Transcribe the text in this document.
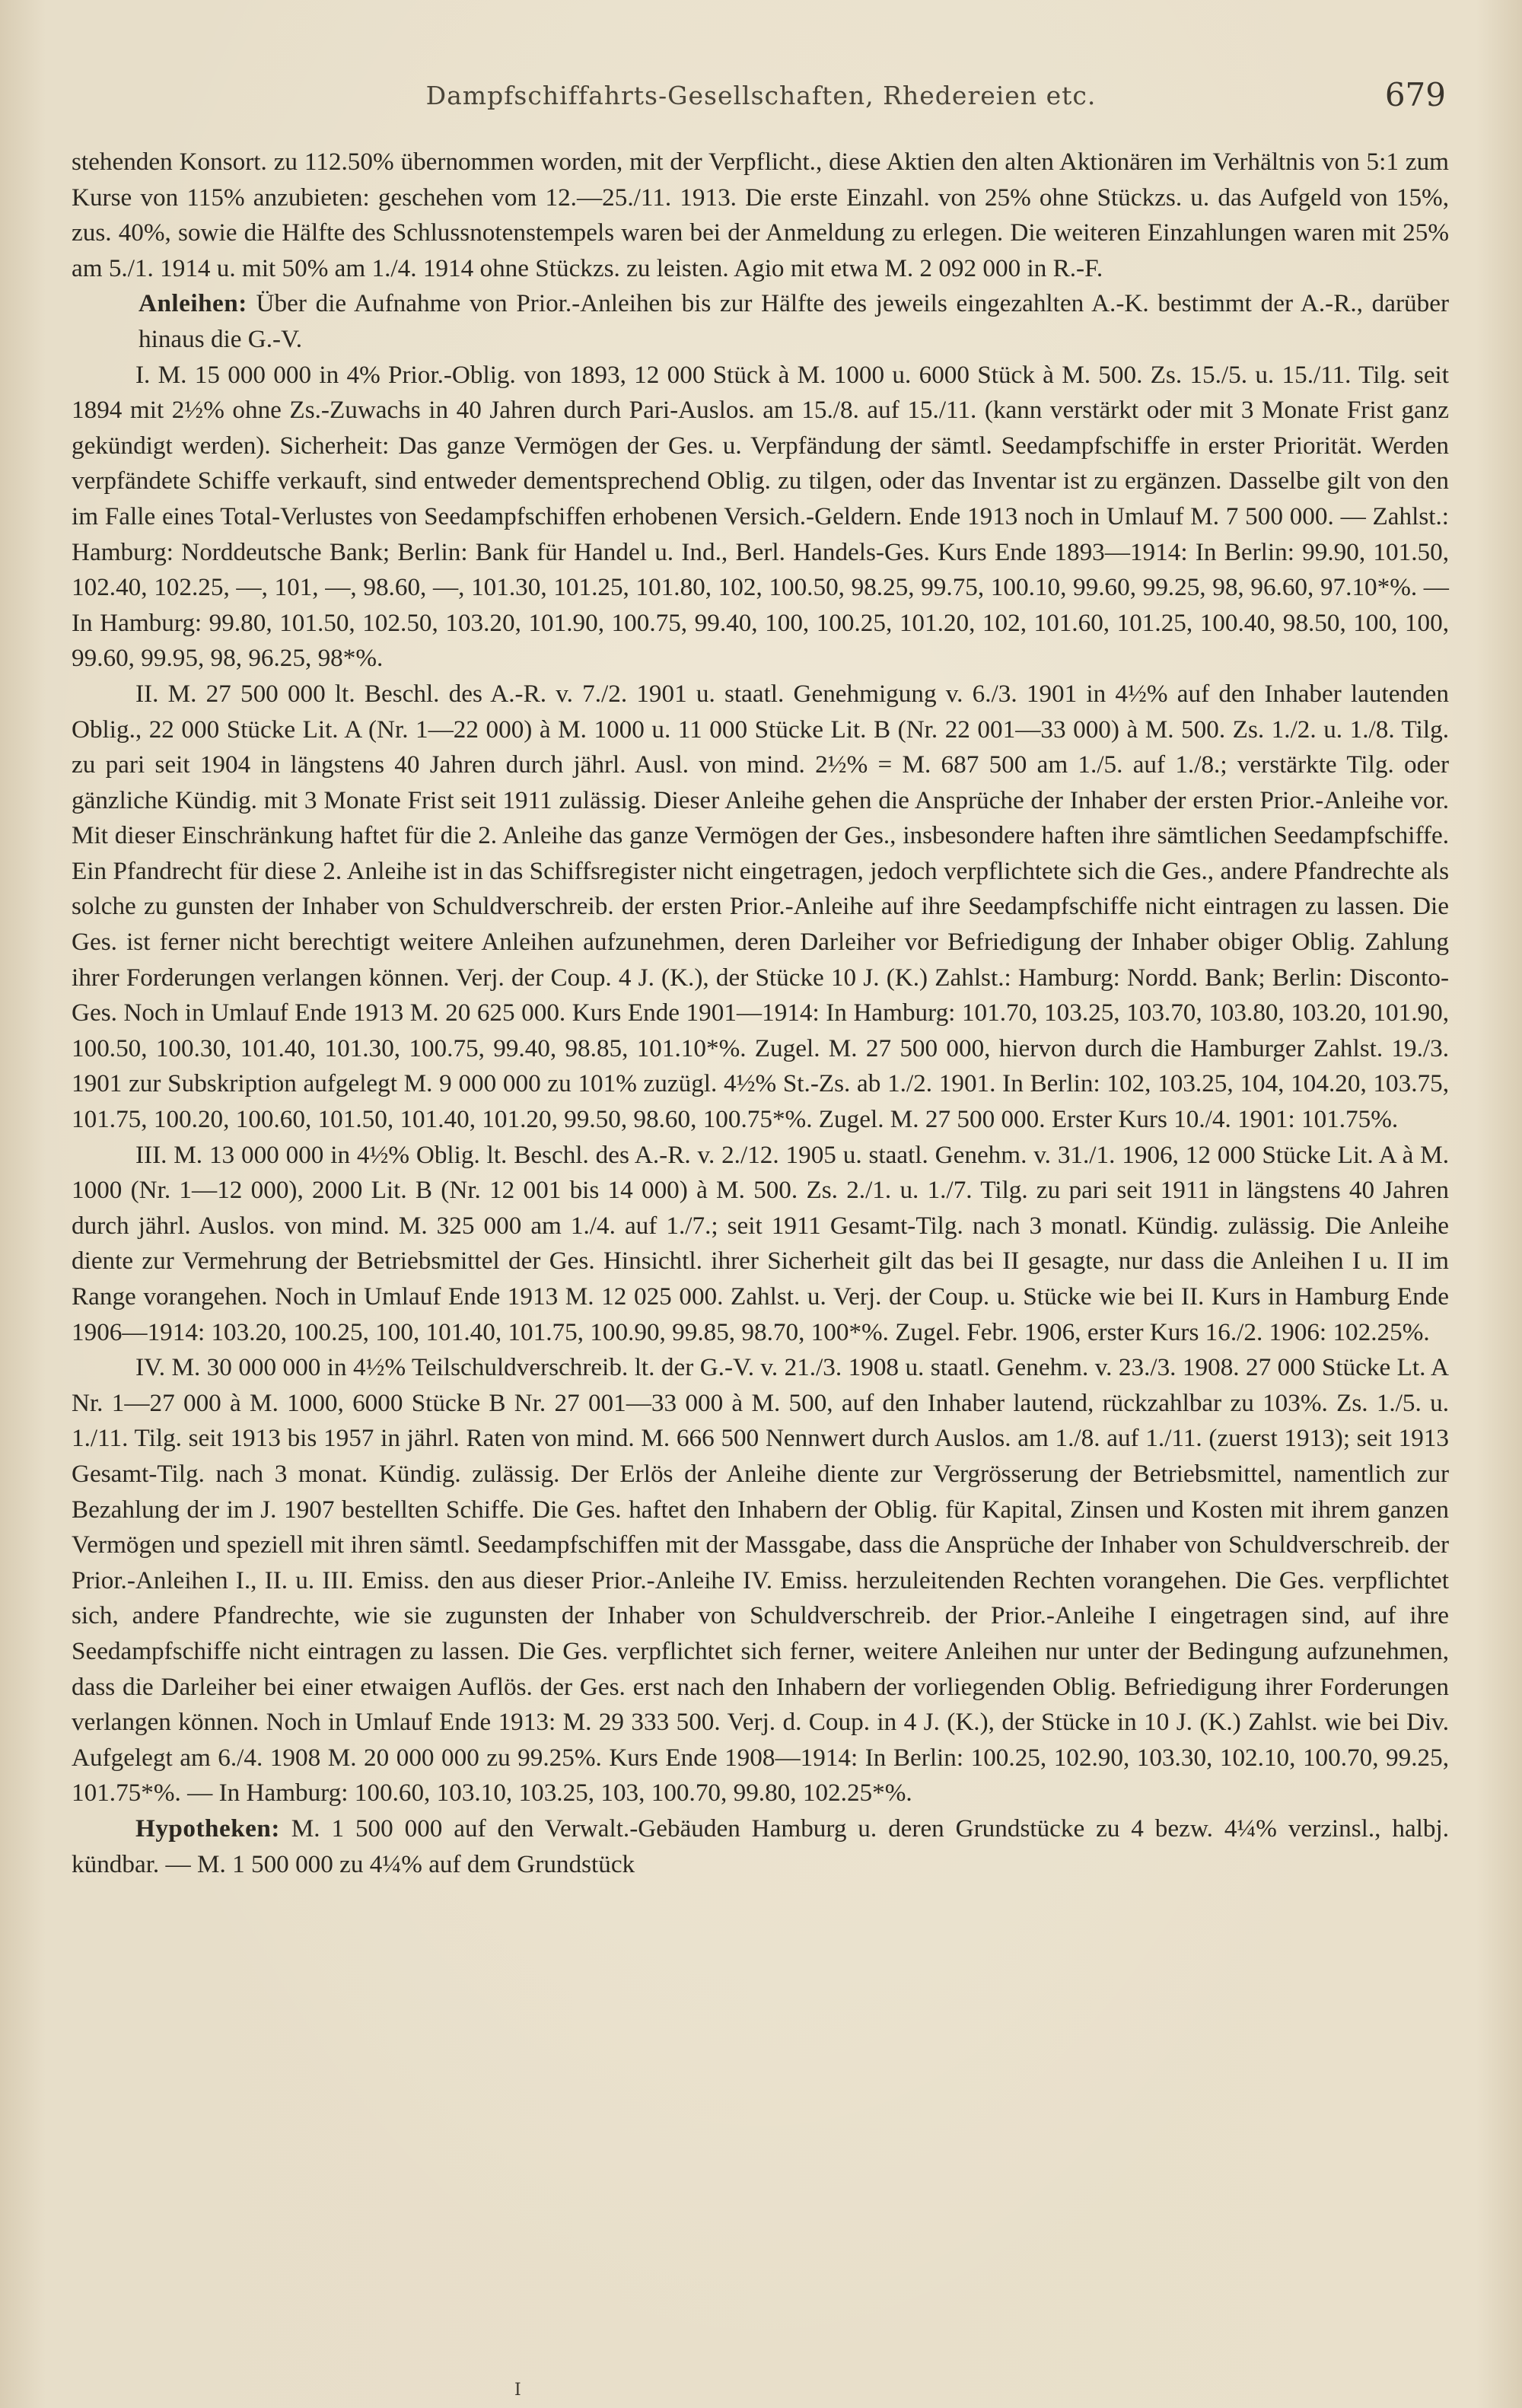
Dampfschiffahrts-Gesellschaften, Rhedereien etc.	679

stehenden Konsort. zu 112.50% übernommen worden, mit der Verpflicht., diese Aktien den alten Aktionären im Verhältnis von 5:1 zum Kurse von 115% anzubieten: geschehen vom 12.—25./11. 1913. Die erste Einzahl. von 25% ohne Stückzs. u. das Aufgeld von 15%, zus. 40%, sowie die Hälfte des Schlussnotenstempels waren bei der Anmeldung zu erlegen. Die weiteren Einzahlungen waren mit 25% am 5./1. 1914 u. mit 50% am 1./4. 1914 ohne Stückzs. zu leisten. Agio mit etwa M. 2 092 000 in R.-F.

Anleihen: Über die Aufnahme von Prior.-Anleihen bis zur Hälfte des jeweils eingezahlten A.-K. bestimmt der A.-R., darüber hinaus die G.-V.

I. M. 15 000 000 in 4% Prior.-Oblig. von 1893, 12 000 Stück à M. 1000 u. 6000 Stück à M. 500. Zs. 15./5. u. 15./11. Tilg. seit 1894 mit 2½% ohne Zs.-Zuwachs in 40 Jahren durch Pari-Auslos. am 15./8. auf 15./11. (kann verstärkt oder mit 3 Monate Frist ganz gekündigt werden). Sicherheit: Das ganze Vermögen der Ges. u. Verpfändung der sämtl. Seedampfschiffe in erster Priorität. Werden verpfändete Schiffe verkauft, sind entweder dementsprechend Oblig. zu tilgen, oder das Inventar ist zu ergänzen. Dasselbe gilt von den im Falle eines Total-Verlustes von Seedampfschiffen erhobenen Versich.-Geldern. Ende 1913 noch in Umlauf M. 7 500 000. — Zahlst.: Hamburg: Norddeutsche Bank; Berlin: Bank für Handel u. Ind., Berl. Handels-Ges. Kurs Ende 1893—1914: In Berlin: 99.90, 101.50, 102.40, 102.25, —, 101, —, 98.60, —, 101.30, 101.25, 101.80, 102, 100.50, 98.25, 99.75, 100.10, 99.60, 99.25, 98, 96.60, 97.10*%. — In Hamburg: 99.80, 101.50, 102.50, 103.20, 101.90, 100.75, 99.40, 100, 100.25, 101.20, 102, 101.60, 101.25, 100.40, 98.50, 100, 100, 99.60, 99.95, 98, 96.25, 98*%.

II. M. 27 500 000 lt. Beschl. des A.-R. v. 7./2. 1901 u. staatl. Genehmigung v. 6./3. 1901 in 4½% auf den Inhaber lautenden Oblig., 22 000 Stücke Lit. A (Nr. 1—22 000) à M. 1000 u. 11 000 Stücke Lit. B (Nr. 22 001—33 000) à M. 500. Zs. 1./2. u. 1./8. Tilg. zu pari seit 1904 in längstens 40 Jahren durch jährl. Ausl. von mind. 2½% = M. 687 500 am 1./5. auf 1./8.; verstärkte Tilg. oder gänzliche Kündig. mit 3 Monate Frist seit 1911 zulässig. Dieser Anleihe gehen die Ansprüche der Inhaber der ersten Prior.-Anleihe vor. Mit dieser Einschränkung haftet für die 2. Anleihe das ganze Vermögen der Ges., insbesondere haften ihre sämtlichen Seedampfschiffe. Ein Pfandrecht für diese 2. Anleihe ist in das Schiffsregister nicht eingetragen, jedoch verpflichtete sich die Ges., andere Pfandrechte als solche zu gunsten der Inhaber von Schuldverschreib. der ersten Prior.-Anleihe auf ihre Seedampfschiffe nicht eintragen zu lassen. Die Ges. ist ferner nicht berechtigt weitere Anleihen aufzunehmen, deren Darleiher vor Befriedigung der Inhaber obiger Oblig. Zahlung ihrer Forderungen verlangen können. Verj. der Coup. 4 J. (K.), der Stücke 10 J. (K.) Zahlst.: Hamburg: Nordd. Bank; Berlin: Disconto-Ges. Noch in Umlauf Ende 1913 M. 20 625 000. Kurs Ende 1901—1914: In Hamburg: 101.70, 103.25, 103.70, 103.80, 103.20, 101.90, 100.50, 100.30, 101.40, 101.30, 100.75, 99.40, 98.85, 101.10*%. Zugel. M. 27 500 000, hiervon durch die Hamburger Zahlst. 19./3. 1901 zur Subskription aufgelegt M. 9 000 000 zu 101% zuzügl. 4½% St.-Zs. ab 1./2. 1901. In Berlin: 102, 103.25, 104, 104.20, 103.75, 101.75, 100.20, 100.60, 101.50, 101.40, 101.20, 99.50, 98.60, 100.75*%. Zugel. M. 27 500 000. Erster Kurs 10./4. 1901: 101.75%.

III. M. 13 000 000 in 4½% Oblig. lt. Beschl. des A.-R. v. 2./12. 1905 u. staatl. Genehm. v. 31./1. 1906, 12 000 Stücke Lit. A à M. 1000 (Nr. 1—12 000), 2000 Lit. B (Nr. 12 001 bis 14 000) à M. 500. Zs. 2./1. u. 1./7. Tilg. zu pari seit 1911 in längstens 40 Jahren durch jährl. Auslos. von mind. M. 325 000 am 1./4. auf 1./7.; seit 1911 Gesamt-Tilg. nach 3 monatl. Kündig. zulässig. Die Anleihe diente zur Vermehrung der Betriebsmittel der Ges. Hinsichtl. ihrer Sicherheit gilt das bei II gesagte, nur dass die Anleihen I u. II im Range vorangehen. Noch in Umlauf Ende 1913 M. 12 025 000. Zahlst. u. Verj. der Coup. u. Stücke wie bei II. Kurs in Hamburg Ende 1906—1914: 103.20, 100.25, 100, 101.40, 101.75, 100.90, 99.85, 98.70, 100*%. Zugel. Febr. 1906, erster Kurs 16./2. 1906: 102.25%.

IV. M. 30 000 000 in 4½% Teilschuldverschreib. lt. der G.-V. v. 21./3. 1908 u. staatl. Genehm. v. 23./3. 1908. 27 000 Stücke Lt. A Nr. 1—27 000 à M. 1000, 6000 Stücke B Nr. 27 001—33 000 à M. 500, auf den Inhaber lautend, rückzahlbar zu 103%. Zs. 1./5. u. 1./11. Tilg. seit 1913 bis 1957 in jährl. Raten von mind. M. 666 500 Nennwert durch Auslos. am 1./8. auf 1./11. (zuerst 1913); seit 1913 Gesamt-Tilg. nach 3 monat. Kündig. zulässig. Der Erlös der Anleihe diente zur Vergrösserung der Betriebsmittel, namentlich zur Bezahlung der im J. 1907 bestellten Schiffe. Die Ges. haftet den Inhabern der Oblig. für Kapital, Zinsen und Kosten mit ihrem ganzen Vermögen und speziell mit ihren sämtl. Seedampfschiffen mit der Massgabe, dass die Ansprüche der Inhaber von Schuldverschreib. der Prior.-Anleihen I., II. u. III. Emiss. den aus dieser Prior.-Anleihe IV. Emiss. herzuleitenden Rechten vorangehen. Die Ges. verpflichtet sich, andere Pfandrechte, wie sie zugunsten der Inhaber von Schuldverschreib. der Prior.-Anleihe I eingetragen sind, auf ihre Seedampfschiffe nicht eintragen zu lassen. Die Ges. verpflichtet sich ferner, weitere Anleihen nur unter der Bedingung aufzunehmen, dass die Darleiher bei einer etwaigen Auflös. der Ges. erst nach den Inhabern der vorliegenden Oblig. Befriedigung ihrer Forderungen verlangen können. Noch in Umlauf Ende 1913: M. 29 333 500. Verj. d. Coup. in 4 J. (K.), der Stücke in 10 J. (K.) Zahlst. wie bei Div. Aufgelegt am 6./4. 1908 M. 20 000 000 zu 99.25%. Kurs Ende 1908—1914: In Berlin: 100.25, 102.90, 103.30, 102.10, 100.70, 99.25, 101.75*%. — In Hamburg: 100.60, 103.10, 103.25, 103, 100.70, 99.80, 102.25*%.

Hypotheken: M. 1 500 000 auf den Verwalt.-Gebäuden Hamburg u. deren Grundstücke zu 4 bezw. 4¼% verzinsl., halbj. kündbar. — M. 1 500 000 zu 4¼% auf dem Grundstück

I
